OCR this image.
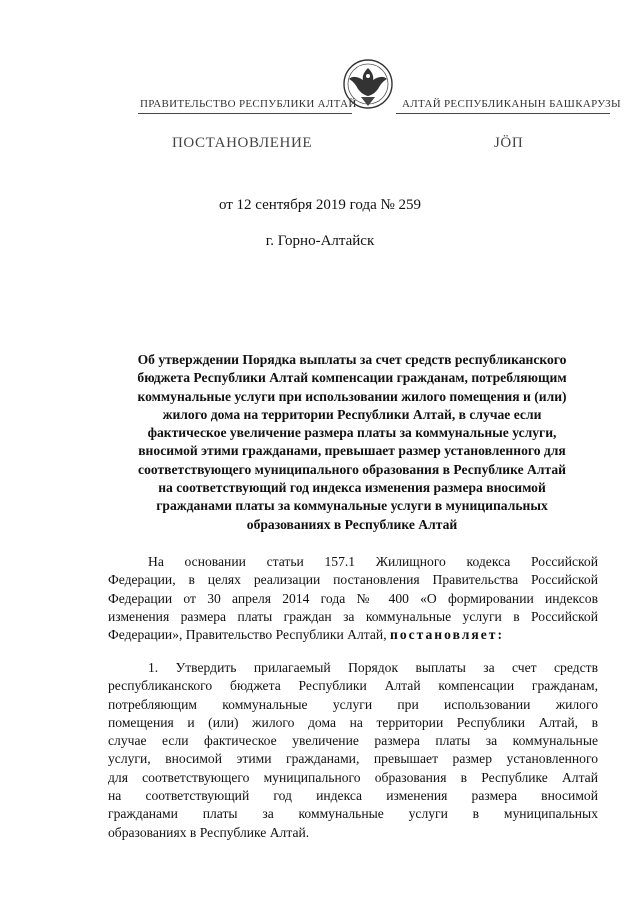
ПРАВИТЕЛЬСТВО РЕСПУБЛИКИ АЛТАЙ	АЛТАЙ РЕСПУБЛИКАНЫН БАШКАРУЗЫ
ПОСТАНОВЛЕНИЕ	ЈӦП
от 12 сентября 2019 года № 259
г. Горно-Алтайск
Об утверждении Порядка выплаты за счет средств республиканского
бюджета Республики Алтай компенсации гражданам, потребляющим
коммунальные услуги при использовании жилого помещения и (или)
жилого дома на территории Республики Алтай, в случае если
фактическое увеличение размера платы за коммунальные услуги,
вносимой этими гражданами, превышает размер установленного для
соответствующего муниципального образования в Республике Алтай
на соответствующий год индекса изменения размера вносимой
гражданами платы за коммунальные услуги в муниципальных
образованиях в Республике Алтай
На основании статьи 157.1 Жилищного кодекса Российской
Федерации, в целях реализации постановления Правительства Российской
Федерации от 30 апреля 2014 года № 400 «О формировании индексов
изменения размера платы граждан за коммунальные услуги в Российской
Федерации», Правительство Республики Алтай, постановляет:
1. Утвердить прилагаемый Порядок выплаты за счет средств
республиканского бюджета Республики Алтай компенсации гражданам,
потребляющим коммунальные услуги при использовании жилого
помещения и (или) жилого дома на территории Республики Алтай, в
случае если фактическое увеличение размера платы за коммунальные
услуги, вносимой этими гражданами, превышает размер установленного
для соответствующего муниципального образования в Республике Алтай
на соответствующий год индекса изменения размера вносимой
гражданами платы за коммунальные услуги в муниципальных
образованиях в Республике Алтай.
